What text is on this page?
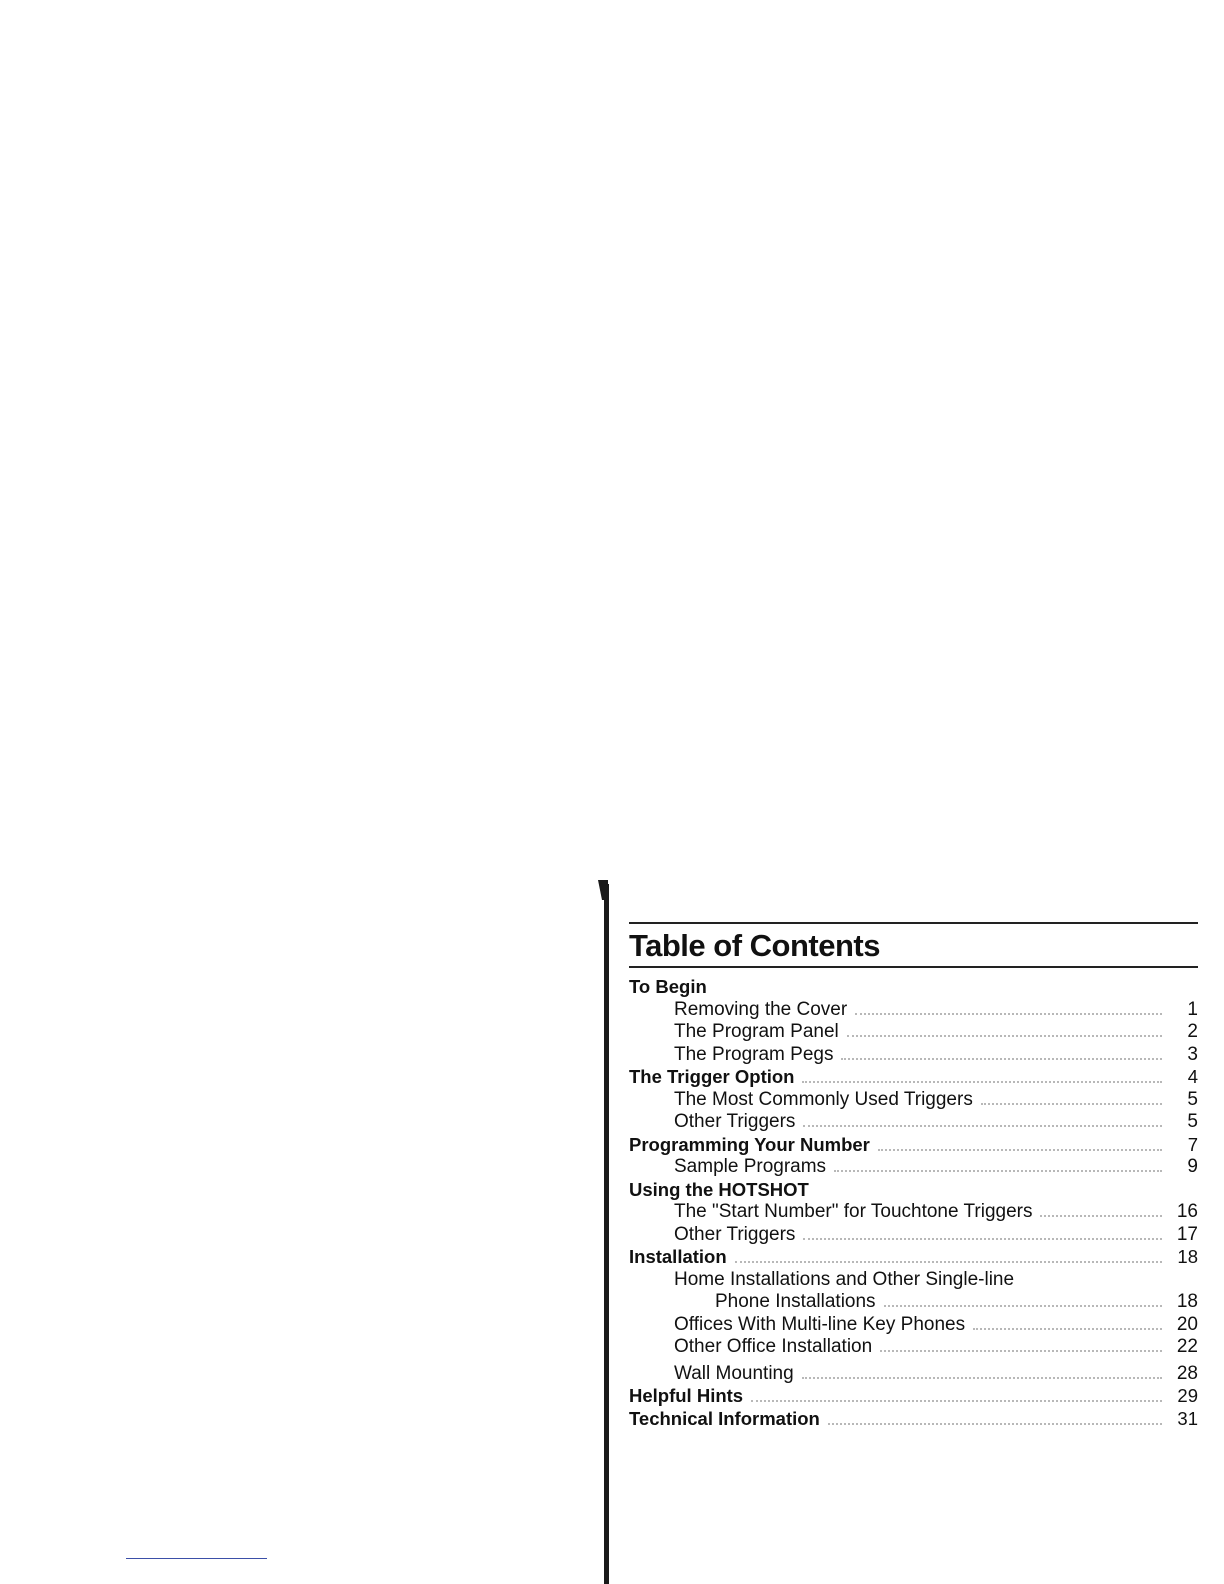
Table of Contents
To Begin
Removing the Cover	1
The Program Panel	2
The Program Pegs	3
The Trigger Option	4
The Most Commonly Used Triggers	5
Other Triggers	5
Programming Your Number	7
Sample Programs	9
Using the HOTSHOT
The "Start Number" for Touchtone Triggers	16
Other Triggers	17
Installation	18
Home Installations and Other Single-line
Phone Installations	18
Offices With Multi-line Key Phones	20
Other Office Installation	22
Wall Mounting	28
Helpful Hints	29
Technical Information	31
